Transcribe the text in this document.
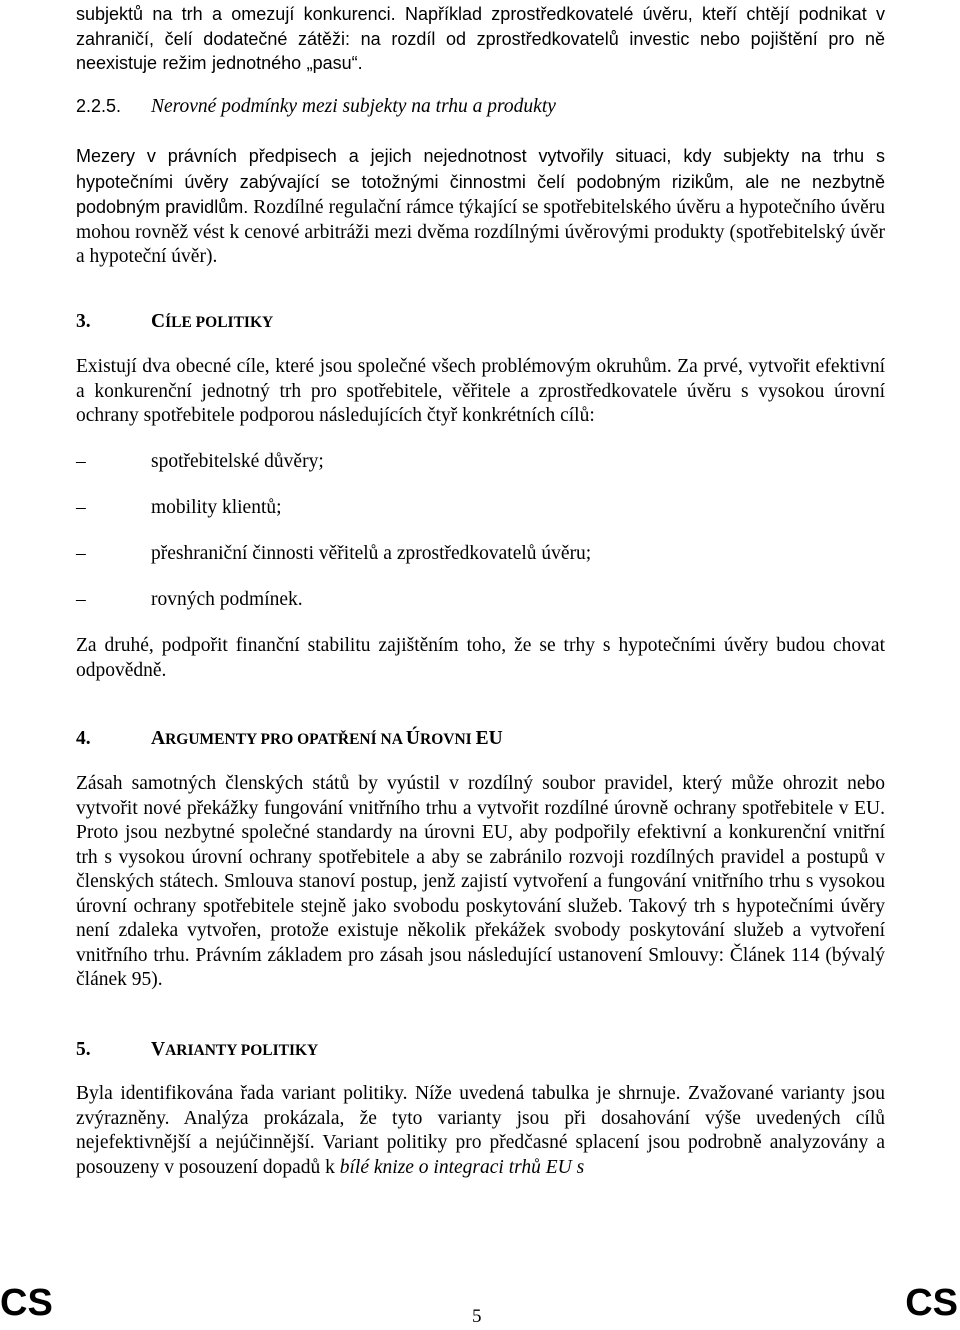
subjektů na trh a omezují konkurenci. Například zprostředkovatelé úvěru, kteří chtějí podnikat v zahraničí, čelí dodatečné zátěži: na rozdíl od zprostředkovatelů investic nebo pojištění pro ně neexistuje režim jednotného „pasu“.

2.2.5. Nerovné podmínky mezi subjekty na trhu a produkty

Mezery v právních předpisech a jejich nejednotnost vytvořily situaci, kdy subjekty na trhu s hypotečními úvěry zabývající se totožnými činnostmi čelí podobným rizikům, ale ne nezbytně podobným pravidlům. Rozdílné regulační rámce týkající se spotřebitelského úvěru a hypotečního úvěru mohou rovněž vést k cenové arbitráži mezi dvěma rozdílnými úvěrovými produkty (spotřebitelský úvěr a hypoteční úvěr).

3.	CÍLE POLITIKY

Existují dva obecné cíle, které jsou společné všech problémovým okruhům. Za prvé, vytvořit efektivní a konkurenční jednotný trh pro spotřebitele, věřitele a zprostředkovatele úvěru s vysokou úrovní ochrany spotřebitele podporou následujících čtyř konkrétních cílů:

–	spotřebitelské důvěry;
–	mobility klientů;
–	přeshraniční činnosti věřitelů a zprostředkovatelů úvěru;
–	rovných podmínek.

Za druhé, podpořit finanční stabilitu zajištěním toho, že se trhy s hypotečními úvěry budou chovat odpovědně.

4.	ARGUMENTY PRO OPATŘENÍ NA ÚROVNI EU

Zásah samotných členských států by vyústil v rozdílný soubor pravidel, který může ohrozit nebo vytvořit nové překážky fungování vnitřního trhu a vytvořit rozdílné úrovně ochrany spotřebitele v EU. Proto jsou nezbytné společné standardy na úrovni EU, aby podpořily efektivní a konkurenční vnitřní trh s vysokou úrovní ochrany spotřebitele a aby se zabránilo rozvoji rozdílných pravidel a postupů v členských státech. Smlouva stanoví postup, jenž zajistí vytvoření a fungování vnitřního trhu s vysokou úrovní ochrany spotřebitele stejně jako svobodu poskytování služeb. Takový trh s hypotečními úvěry není zdaleka vytvořen, protože existuje několik překážek svobody poskytování služeb a vytvoření vnitřního trhu. Právním základem pro zásah jsou následující ustanovení Smlouvy: Článek 114 (bývalý článek 95).

5.	VARIANTY POLITIKY

Byla identifikována řada variant politiky. Níže uvedená tabulka je shrnuje. Zvažované varianty jsou zvýrazněny. Analýza prokázala, že tyto varianty jsou při dosahování výše uvedených cílů nejefektivnější a nejúčinnější. Variant politiky pro předčasné splacení jsou podrobně analyzovány a posouzeny v posouzení dopadů k bílé knize o integraci trhů EU s

CS	5	CS
